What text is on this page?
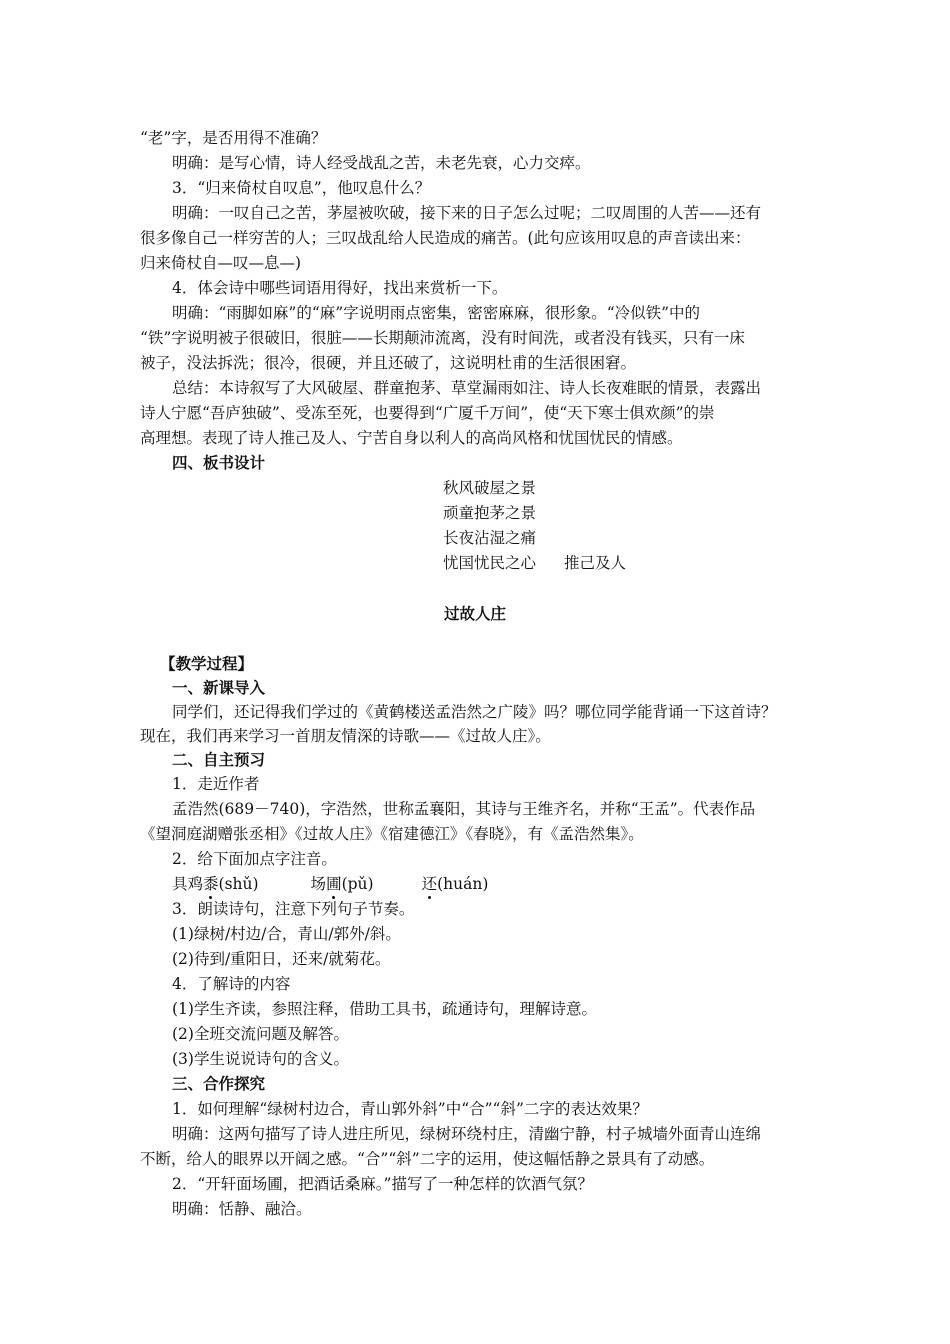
“老”字，是否用得不准确？
明确：是写心情，诗人经受战乱之苦，未老先衰，心力交瘁。
3．“归来倚杖自叹息”，他叹息什么？
明确：一叹自己之苦，茅屋被吹破，接下来的日子怎么过呢；二叹周围的人苦——还有
很多像自己一样穷苦的人；三叹战乱给人民造成的痛苦。(此句应该用叹息的声音读出来：
归来倚杖自—叹—息—)
4．体会诗中哪些词语用得好，找出来赏析一下。
明确：“雨脚如麻”的“麻”字说明雨点密集，密密麻麻，很形象。“冷似铁”中的
“铁”字说明被子很破旧，很脏——长期颠沛流离，没有时间洗，或者没有钱买，只有一床
被子，没法拆洗；很冷，很硬，并且还破了，这说明杜甫的生活很困窘。
总结：本诗叙写了大风破屋、群童抱茅、草堂漏雨如注、诗人长夜难眠的情景，表露出
诗人宁愿“吾庐独破”、受冻至死，也要得到“广厦千万间”，使“天下寒士俱欢颜”的崇
高理想。表现了诗人推己及人、宁苦自身以利人的高尚风格和忧国忧民的情感。
四、板书设计
秋风破屋之景
顽童抱茅之景
长夜沾湿之痛
忧国忧民之心 推己及人
过故人庄
【教学过程】
一、新课导入
同学们，还记得我们学过的《黄鹤楼送孟浩然之广陵》吗？哪位同学能背诵一下这首诗？
现在，我们再来学习一首朋友情深的诗歌——《过故人庄》。
二、自主预习
1．走近作者
孟浩然(689－740)，字浩然，世称孟襄阳，其诗与王维齐名，并称“王孟”。代表作品
《望洞庭湖赠张丞相》《过故人庄》《宿建德江》《春晓》，有《孟浩然集》。
2．给下面加点字注音。
具鸡黍(shǔ)	场圃(pǔ)	还(huán)
3．朗读诗句，注意下列句子节奏。
(1)绿树/村边/合，青山/郭外/斜。
(2)待到/重阳日，还来/就菊花。
4．了解诗的内容
(1)学生齐读，参照注释，借助工具书，疏通诗句，理解诗意。
(2)全班交流问题及解答。
(3)学生说说诗句的含义。
三、合作探究
1．如何理解“绿树村边合，青山郭外斜”中“合”“斜”二字的表达效果？
明确：这两句描写了诗人进庄所见，绿树环绕村庄，清幽宁静，村子城墙外面青山连绵
不断，给人的眼界以开阔之感。“合”“斜”二字的运用，使这幅恬静之景具有了动感。
2．“开轩面场圃，把酒话桑麻。”描写了一种怎样的饮酒气氛？
明确：恬静、融洽。
